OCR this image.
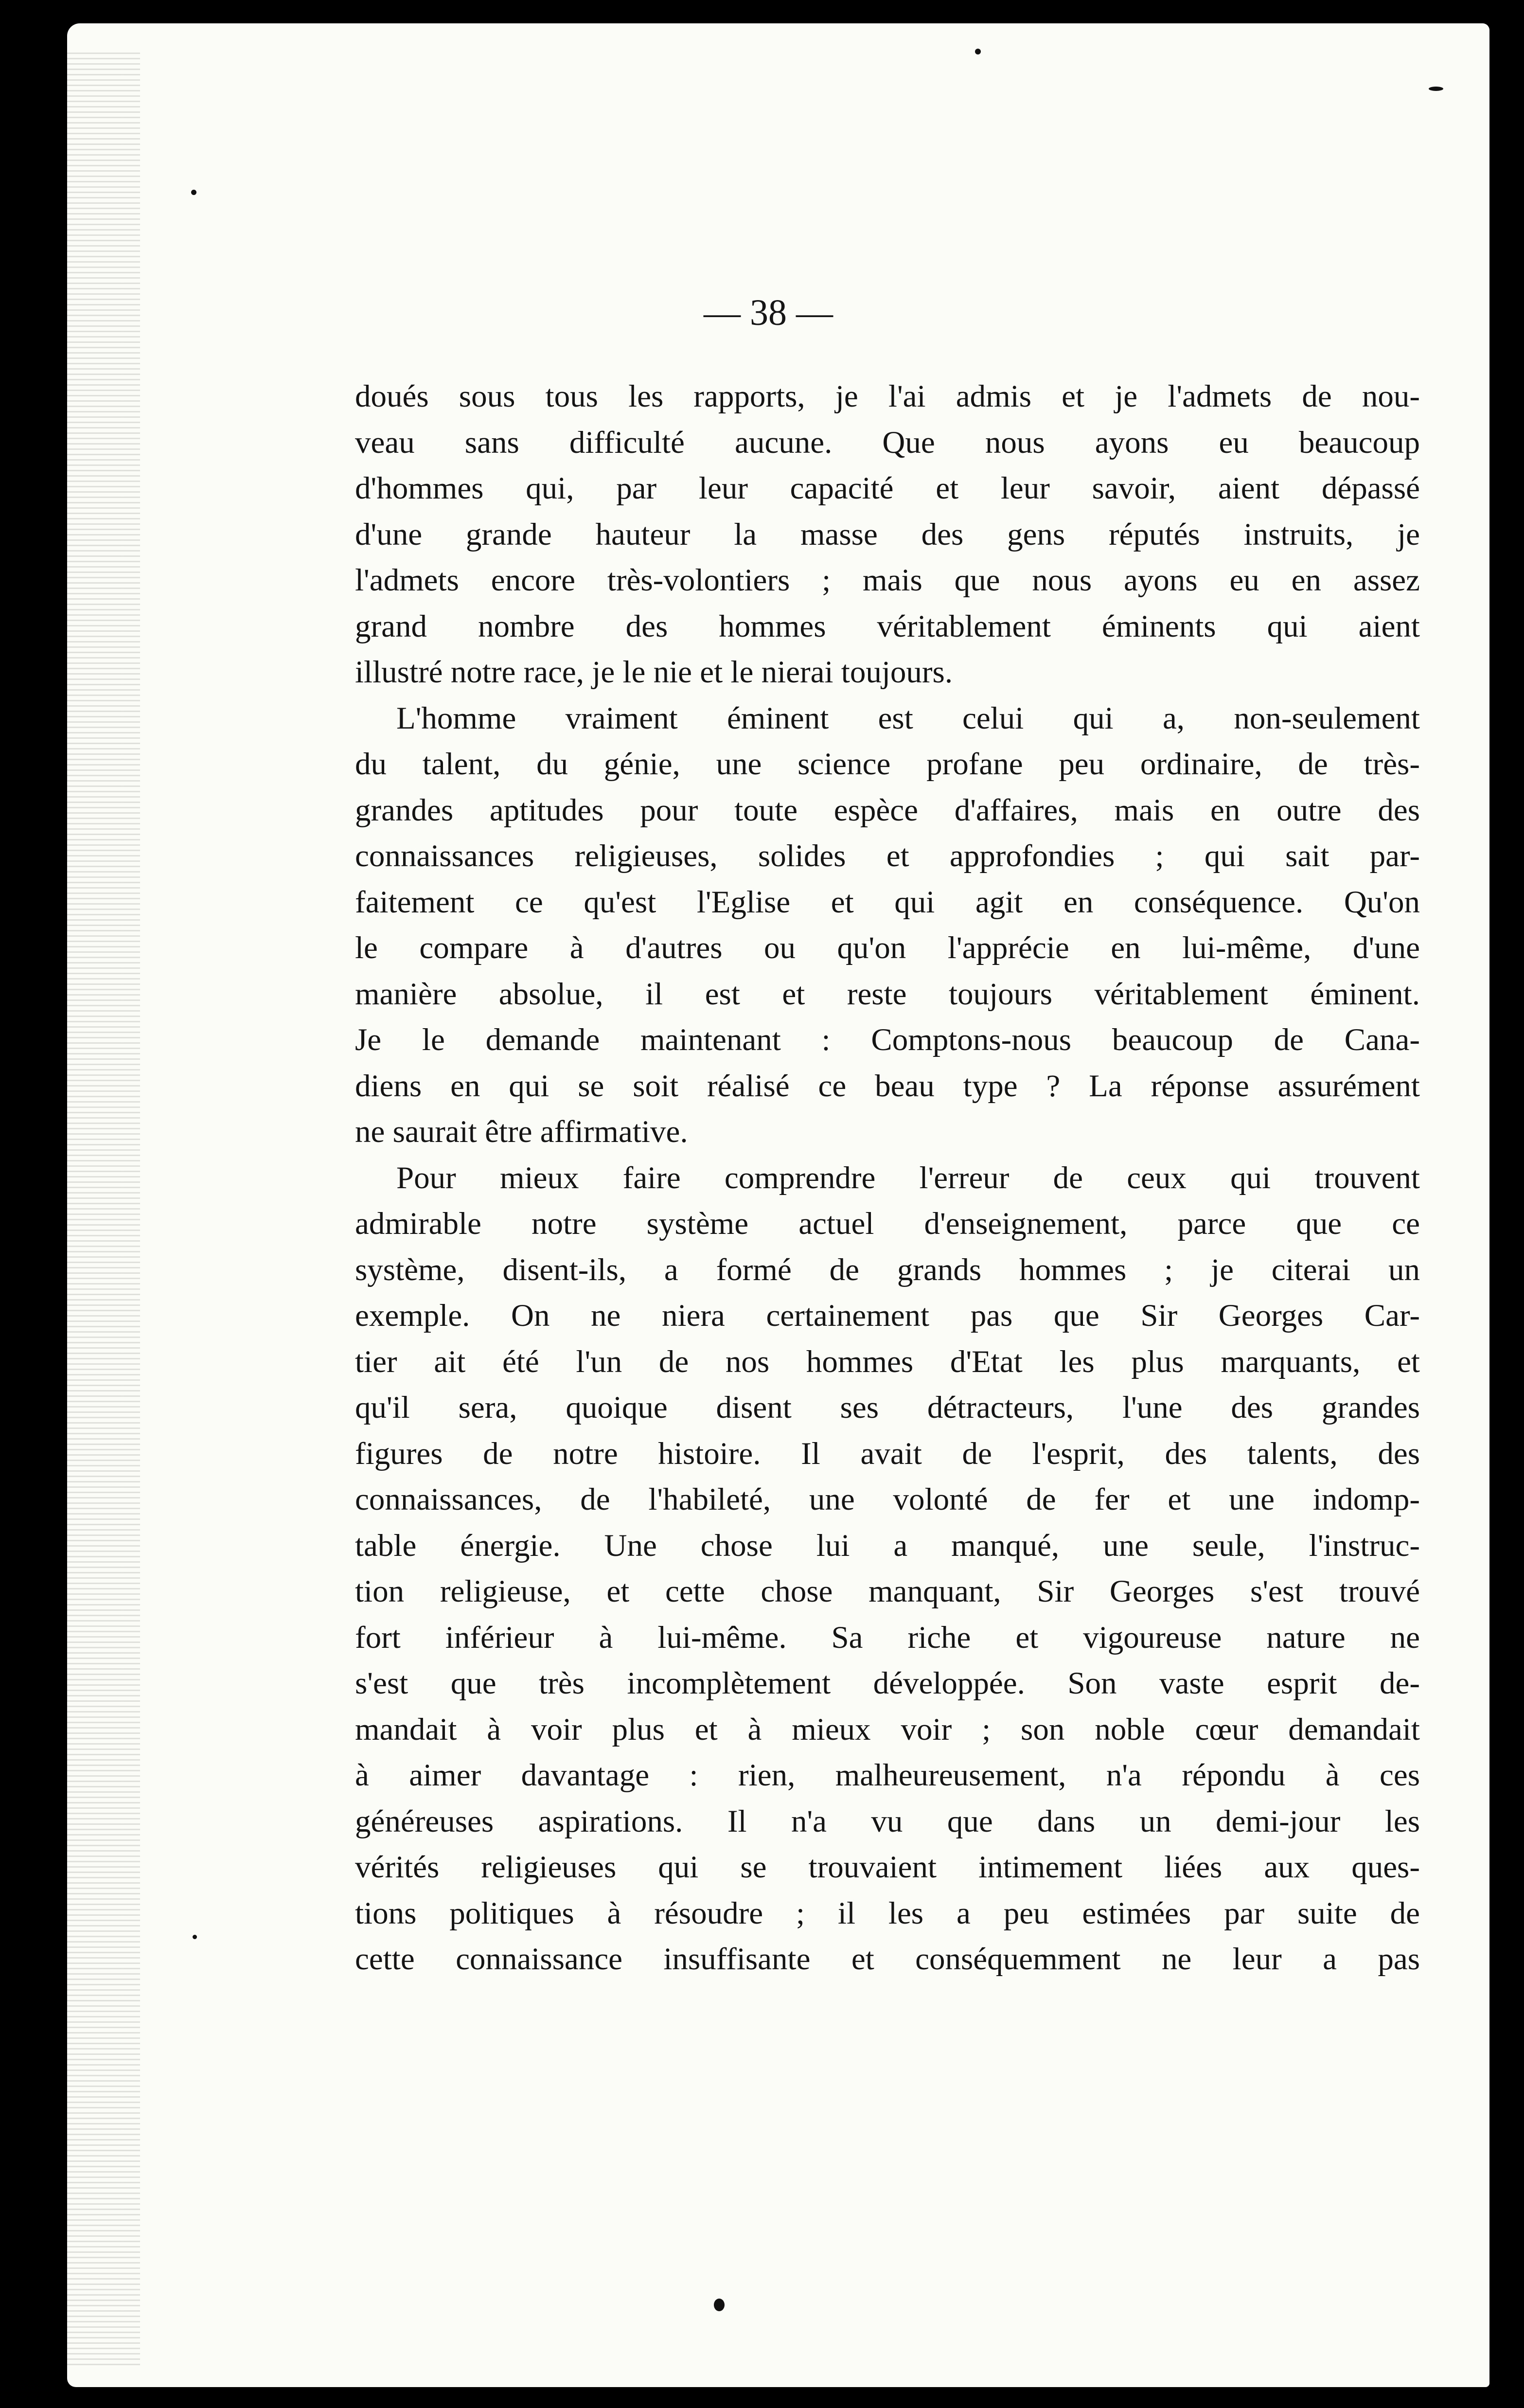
— 38 —
doués sous tous les rapports, je l'ai admis et je l'admets de nou-
veau sans difficulté aucune. Que nous ayons eu beaucoup
d'hommes qui, par leur capacité et leur savoir, aient dépassé
d'une grande hauteur la masse des gens réputés instruits, je
l'admets encore très-volontiers ; mais que nous ayons eu en assez
grand nombre des hommes véritablement éminents qui aient
illustré notre race, je le nie et le nierai toujours.
L'homme vraiment éminent est celui qui a, non-seulement
du talent, du génie, une science profane peu ordinaire, de très-
grandes aptitudes pour toute espèce d'affaires, mais en outre des
connaissances religieuses, solides et approfondies ; qui sait par-
faitement ce qu'est l'Eglise et qui agit en conséquence. Qu'on
le compare à d'autres ou qu'on l'apprécie en lui-même, d'une
manière absolue, il est et reste toujours véritablement éminent.
Je le demande maintenant : Comptons-nous beaucoup de Cana-
diens en qui se soit réalisé ce beau type ? La réponse assurément
ne saurait être affirmative.
Pour mieux faire comprendre l'erreur de ceux qui trouvent
admirable notre système actuel d'enseignement, parce que ce
système, disent-ils, a formé de grands hommes ; je citerai un
exemple. On ne niera certainement pas que Sir Georges Car-
tier ait été l'un de nos hommes d'Etat les plus marquants, et
qu'il sera, quoique disent ses détracteurs, l'une des grandes
figures de notre histoire. Il avait de l'esprit, des talents, des
connaissances, de l'habileté, une volonté de fer et une indomp-
table énergie. Une chose lui a manqué, une seule, l'instruc-
tion religieuse, et cette chose manquant, Sir Georges s'est trouvé
fort inférieur à lui-même. Sa riche et vigoureuse nature ne
s'est que très incomplètement développée. Son vaste esprit de-
mandait à voir plus et à mieux voir ; son noble cœur demandait
à aimer davantage : rien, malheureusement, n'a répondu à ces
généreuses aspirations. Il n'a vu que dans un demi-jour les
vérités religieuses qui se trouvaient intimement liées aux ques-
tions politiques à résoudre ; il les a peu estimées par suite de
cette connaissance insuffisante et conséquemment ne leur a pas
